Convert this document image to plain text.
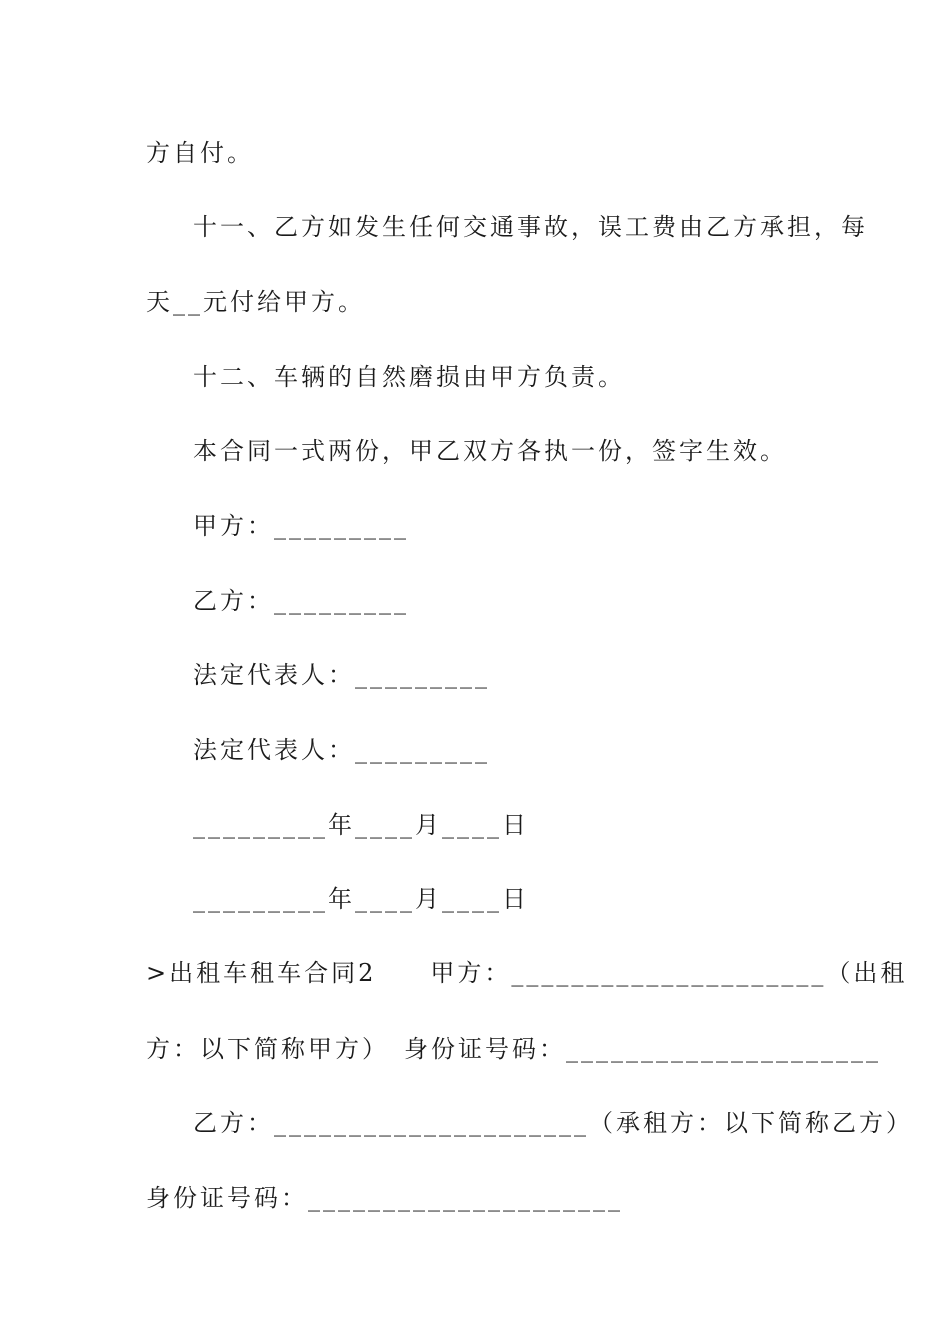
方自付。
十一、乙方如发生任何交通事故，误工费由乙方承担，每
天__元付给甲方。
十二、车辆的自然磨损由甲方负责。
本合同一式两份，甲乙双方各执一份，签字生效。
甲方：_________
乙方：_________
法定代表人：_________
法定代表人：_________
_________年____月____日
_________年____月____日
>出租车租车合同2　　甲方：_____________________（出租
方：以下简称甲方）　身份证号码：_____________________
乙方：_____________________（承租方：以下简称乙方）
身份证号码：_____________________
